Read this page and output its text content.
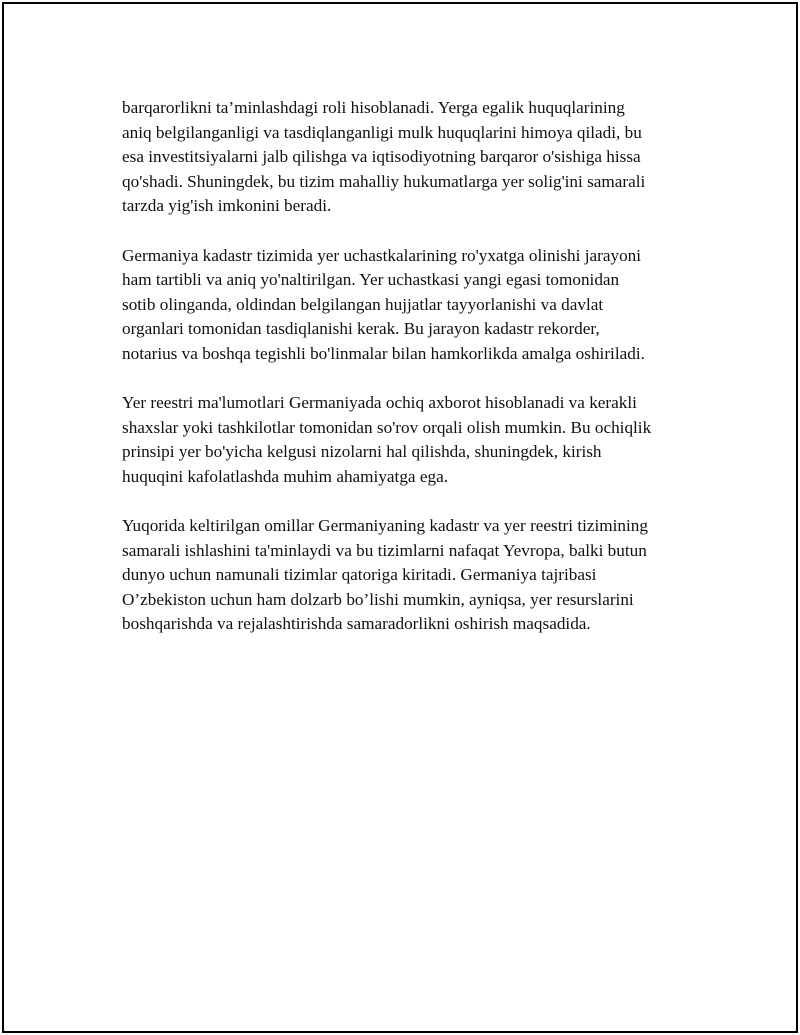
barqarorlikni ta’minlashdagi roli hisoblanadi. Yerga egalik huquqlarining
aniq belgilanganligi va tasdiqlanganligi mulk huquqlarini himoya qiladi, bu
esa investitsiyalarni jalb qilishga va iqtisodiyotning barqaror o'sishiga hissa
qo'shadi. Shuningdek, bu tizim mahalliy hukumatlarga yer solig'ini samarali
tarzda yig'ish imkonini beradi.

Germaniya kadastr tizimida yer uchastkalarining ro'yxatga olinishi jarayoni
ham tartibli va aniq yo'naltirilgan. Yer uchastkasi yangi egasi tomonidan
sotib olinganda, oldindan belgilangan hujjatlar tayyorlanishi va davlat
organlari tomonidan tasdiqlanishi kerak. Bu jarayon kadastr rekorder,
notarius va boshqa tegishli bo'linmalar bilan hamkorlikda amalga oshiriladi.

Yer reestri ma'lumotlari Germaniyada ochiq axborot hisoblanadi va kerakli
shaxslar yoki tashkilotlar tomonidan so'rov orqali olish mumkin. Bu ochiqlik
prinsipi yer bo'yicha kelgusi nizolarni hal qilishda, shuningdek, kirish
huquqini kafolatlashda muhim ahamiyatga ega.

Yuqorida keltirilgan omillar Germaniyaning kadastr va yer reestri tizimining
samarali ishlashini ta'minlaydi va bu tizimlarni nafaqat Yevropa, balki butun
dunyo uchun namunali tizimlar qatoriga kiritadi. Germaniya tajribasi
O’zbekiston uchun ham dolzarb bo’lishi mumkin, ayniqsa, yer resurslarini
boshqarishda va rejalashtirishda samaradorlikni oshirish maqsadida.
